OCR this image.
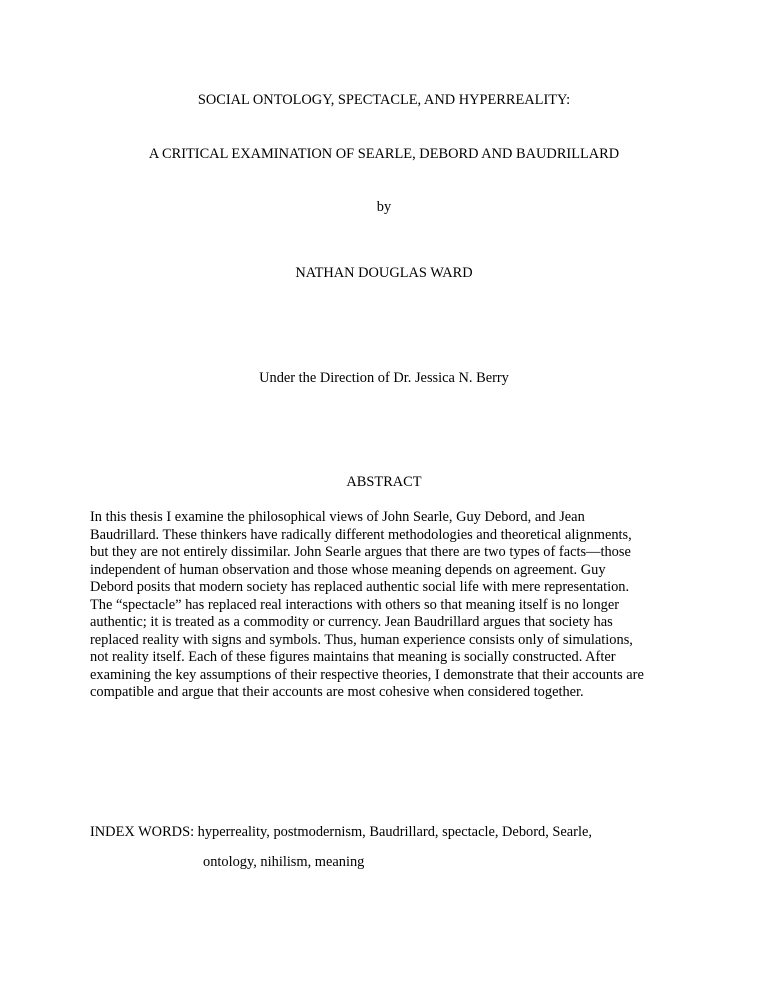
SOCIAL ONTOLOGY, SPECTACLE, AND HYPERREALITY:
A CRITICAL EXAMINATION OF SEARLE, DEBORD AND BAUDRILLARD
by
NATHAN DOUGLAS WARD
Under the Direction of Dr. Jessica N. Berry
ABSTRACT
In this thesis I examine the philosophical views of John Searle, Guy Debord, and Jean
Baudrillard. These thinkers have radically different methodologies and theoretical alignments,
but they are not entirely dissimilar. John Searle argues that there are two types of facts—those
independent of human observation and those whose meaning depends on agreement. Guy
Debord posits that modern society has replaced authentic social life with mere representation.
The “spectacle” has replaced real interactions with others so that meaning itself is no longer
authentic; it is treated as a commodity or currency. Jean Baudrillard argues that society has
replaced reality with signs and symbols. Thus, human experience consists only of simulations,
not reality itself. Each of these figures maintains that meaning is socially constructed. After
examining the key assumptions of their respective theories, I demonstrate that their accounts are
compatible and argue that their accounts are most cohesive when considered together.
INDEX WORDS: hyperreality, postmodernism, Baudrillard, spectacle, Debord, Searle,
ontology, nihilism, meaning
